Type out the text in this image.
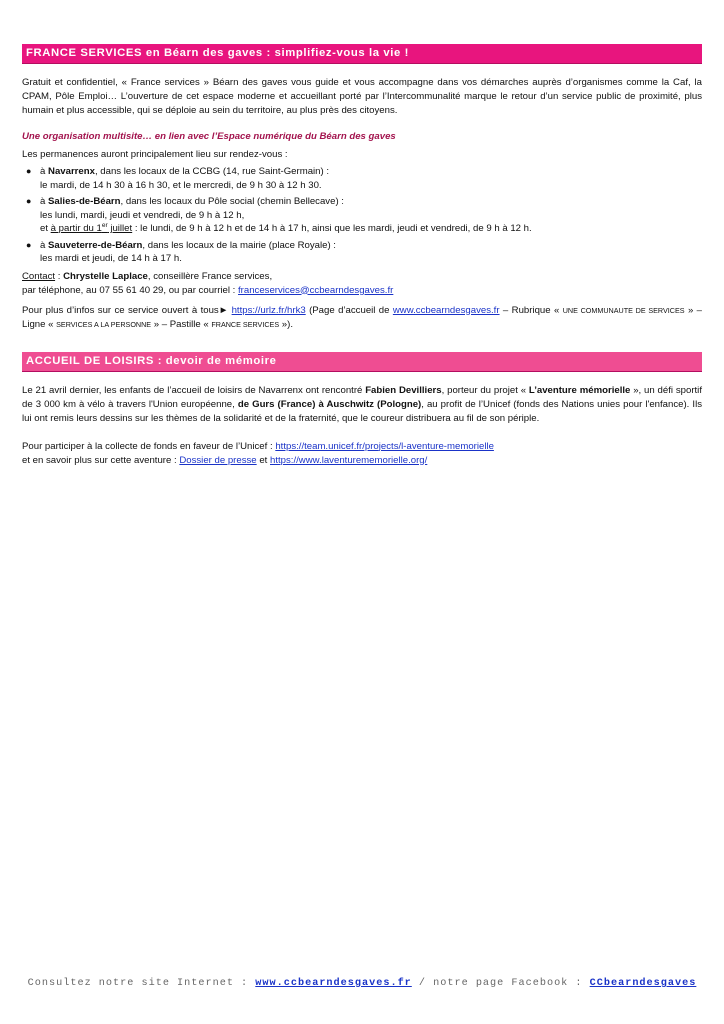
FRANCE SERVICES en Béarn des gaves : simplifiez-vous la vie !

Gratuit et confidentiel, « France services » Béarn des gaves vous guide et vous accompagne dans vos démarches auprès d’organismes comme la Caf, la CPAM, Pôle Emploi… L’ouverture de cet espace moderne et accueillant porté par l’Intercommunalité marque le retour d’un service public de proximité, plus humain et plus accessible, qui se déploie au sein du territoire, au plus près des citoyens.

Une organisation multisite… en lien avec l’Espace numérique du Béarn des gaves

Les permanences auront principalement lieu sur rendez-vous :

● à Navarrenx, dans les locaux de la CCBG (14, rue Saint-Germain) :
le mardi, de 14 h 30 à 16 h 30, et le mercredi, de 9 h 30 à 12 h 30.
● à Salies-de-Béarn, dans les locaux du Pôle social (chemin Bellecave) :
les lundi, mardi, jeudi et vendredi, de 9 h à 12 h,
et à partir du 1er juillet : le lundi, de 9 h à 12 h et de 14 h à 17 h, ainsi que les mardi, jeudi et vendredi, de 9 h à 12 h.
● à Sauveterre-de-Béarn, dans les locaux de la mairie (place Royale) :
les mardi et jeudi, de 14 h à 17 h.

Contact : Chrystelle Laplace, conseillère France services,
par téléphone, au 07 55 61 40 29, ou par courriel : franceservices@ccbearndesgaves.fr

Pour plus d’infos sur ce service ouvert à tous► https://urlz.fr/hrk3 (Page d’accueil de www.ccbearndesgaves.fr – Rubrique « UNE COMMUNAUTE DE SERVICES » – Ligne « SERVICES A LA PERSONNE » – Pastille « FRANCE SERVICES »).

ACCUEIL DE LOISIRS : devoir de mémoire

Le 21 avril dernier, les enfants de l’accueil de loisirs de Navarrenx ont rencontré Fabien Devilliers, porteur du projet « L’aventure mémorielle », un défi sportif de 3 000 km à vélo à travers l'Union européenne, de Gurs (France) à Auschwitz (Pologne), au profit de l’Unicef (fonds des Nations unies pour l'enfance). Ils lui ont remis leurs dessins sur les thèmes de la solidarité et de la fraternité, que le coureur distribuera au fil de son périple.

Pour participer à la collecte de fonds en faveur de l’Unicef : https://team.unicef.fr/projects/l-aventure-memorielle
et en savoir plus sur cette aventure : Dossier de presse et https://www.laventurememorielle.org/

Consultez notre site Internet : www.ccbearndesgaves.fr / notre page Facebook : CCbearndesgaves
